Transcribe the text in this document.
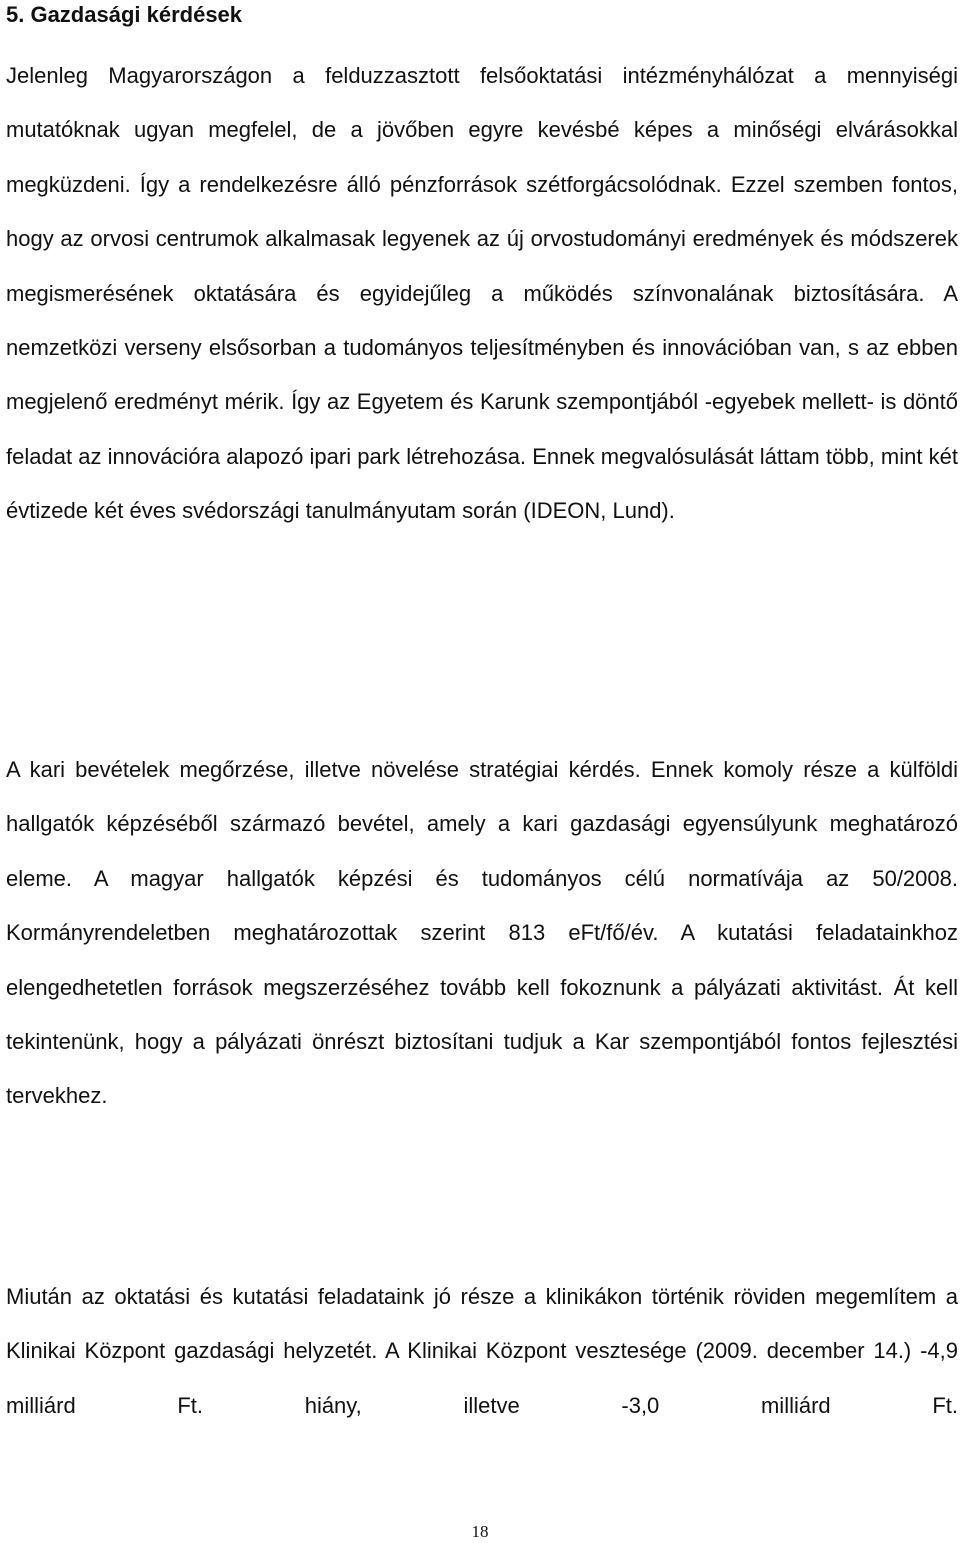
5. Gazdasági kérdések

Jelenleg Magyarországon a felduzzasztott felsőoktatási intézményhálózat a mennyiségi mutatóknak ugyan megfelel, de a jövőben egyre kevésbé képes a minőségi elvárásokkal megküzdeni. Így a rendelkezésre álló pénzforrások szétforgácsolódnak. Ezzel szemben fontos, hogy az orvosi centrumok alkalmasak legyenek az új orvostudományi eredmények és módszerek megismerésének oktatására és egyidejűleg a működés színvonalának biztosítására. A nemzetközi verseny elsősorban a tudományos teljesítményben és innovációban van, s az ebben megjelenő eredményt mérik. Így az Egyetem és Karunk szempontjából -egyebek mellett- is döntő feladat az innovációra alapozó ipari park létrehozása. Ennek megvalósulását láttam több, mint két évtizede két éves svédországi tanulmányutam során (IDEON, Lund).

A kari bevételek megőrzése, illetve növelése stratégiai kérdés. Ennek komoly része a külföldi hallgatók képzéséből származó bevétel, amely a kari gazdasági egyensúlyunk meghatározó eleme. A magyar hallgatók képzési és tudományos célú normatívája az 50/2008. Kormányrendeletben meghatározottak szerint 813 eFt/fő/év. A kutatási feladatainkhoz elengedhetetlen források megszerzéséhez tovább kell fokoznunk a pályázati aktivitást. Át kell tekintenünk, hogy a pályázati önrészt biztosítani tudjuk a Kar szempontjából fontos fejlesztési tervekhez.

Miután az oktatási és kutatási feladataink jó része a klinikákon történik röviden megemlítem a Klinikai Központ gazdasági helyzetét. A Klinikai Központ vesztesége (2009. december 14.) -4,9 milliárd Ft. hiány, illetve -3,0 milliárd Ft.

18
